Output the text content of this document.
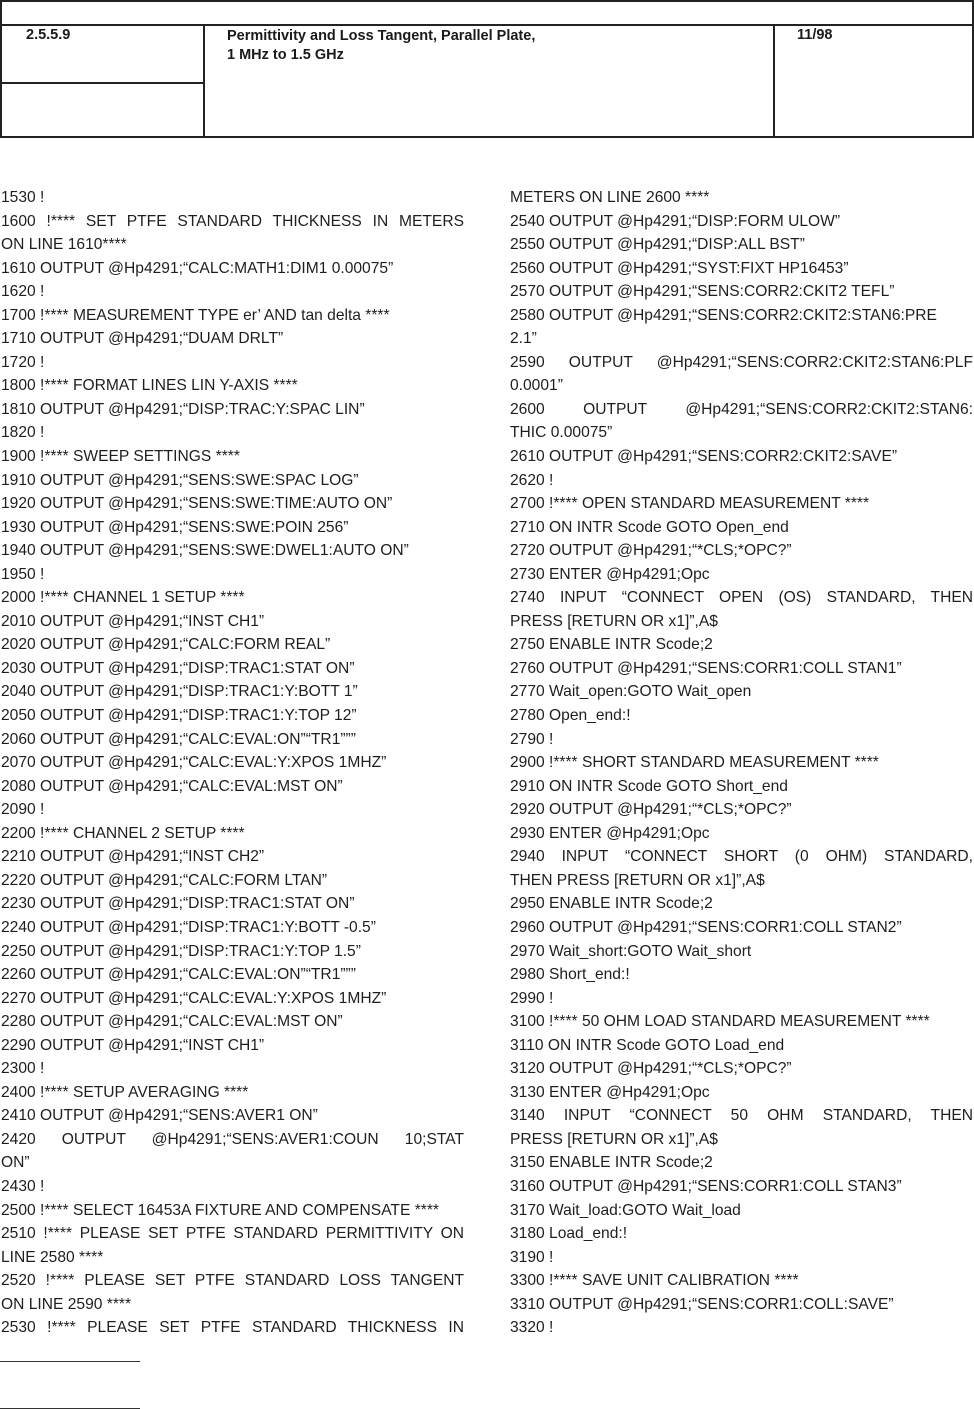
2.5.5.9	Permittivity and Loss Tangent, Parallel Plate,
1 MHz to 1.5 GHz
11/98
1530 !
1600 !**** SET PTFE STANDARD THICKNESS IN METERS
ON LINE 1610****
1610 OUTPUT @Hp4291;“CALC:MATH1:DIM1 0.00075”
1620 !
1700 !**** MEASUREMENT TYPE er’ AND tan delta ****
1710 OUTPUT @Hp4291;“DUAM DRLT”
1720 !
1800 !**** FORMAT LINES LIN Y-AXIS ****
1810 OUTPUT @Hp4291;“DISP:TRAC:Y:SPAC LIN”
1820 !
1900 !**** SWEEP SETTINGS ****
1910 OUTPUT @Hp4291;“SENS:SWE:SPAC LOG”
1920 OUTPUT @Hp4291;“SENS:SWE:TIME:AUTO ON”
1930 OUTPUT @Hp4291;“SENS:SWE:POIN 256”
1940 OUTPUT @Hp4291;“SENS:SWE:DWEL1:AUTO ON”
1950 !
2000 !**** CHANNEL 1 SETUP ****
2010 OUTPUT @Hp4291;“INST CH1”
2020 OUTPUT @Hp4291;“CALC:FORM REAL”
2030 OUTPUT @Hp4291;“DISP:TRAC1:STAT ON”
2040 OUTPUT @Hp4291;“DISP:TRAC1:Y:BOTT 1”
2050 OUTPUT @Hp4291;“DISP:TRAC1:Y:TOP 12”
2060 OUTPUT @Hp4291;“CALC:EVAL:ON”“TR1”””
2070 OUTPUT @Hp4291;“CALC:EVAL:Y:XPOS 1MHZ”
2080 OUTPUT @Hp4291;“CALC:EVAL:MST ON”
2090 !
2200 !**** CHANNEL 2 SETUP ****
2210 OUTPUT @Hp4291;“INST CH2”
2220 OUTPUT @Hp4291;“CALC:FORM LTAN”
2230 OUTPUT @Hp4291;“DISP:TRAC1:STAT ON”
2240 OUTPUT @Hp4291;“DISP:TRAC1:Y:BOTT -0.5”
2250 OUTPUT @Hp4291;“DISP:TRAC1:Y:TOP 1.5”
2260 OUTPUT @Hp4291;“CALC:EVAL:ON”“TR1”””
2270 OUTPUT @Hp4291;“CALC:EVAL:Y:XPOS 1MHZ”
2280 OUTPUT @Hp4291;“CALC:EVAL:MST ON”
2290 OUTPUT @Hp4291;“INST CH1”
2300 !
2400 !**** SETUP AVERAGING ****
2410 OUTPUT @Hp4291;“SENS:AVER1 ON”
2420 OUTPUT @Hp4291;“SENS:AVER1:COUN 10;STAT
ON”
2430 !
2500 !**** SELECT 16453A FIXTURE AND COMPENSATE ****
2510 !**** PLEASE SET PTFE STANDARD PERMITTIVITY ON
LINE 2580 ****
2520 !**** PLEASE SET PTFE STANDARD LOSS TANGENT
ON LINE 2590 ****
2530 !**** PLEASE SET PTFE STANDARD THICKNESS IN
METERS ON LINE 2600 ****
2540 OUTPUT @Hp4291;“DISP:FORM ULOW”
2550 OUTPUT @Hp4291;“DISP:ALL BST”
2560 OUTPUT @Hp4291;“SYST:FIXT HP16453”
2570 OUTPUT @Hp4291;“SENS:CORR2:CKIT2 TEFL”
2580 OUTPUT @Hp4291;“SENS:CORR2:CKIT2:STAN6:PRE
2.1”
2590 OUTPUT @Hp4291;“SENS:CORR2:CKIT2:STAN6:PLF
0.0001”
2600 OUTPUT @Hp4291;“SENS:CORR2:CKIT2:STAN6:
THIC 0.00075”
2610 OUTPUT @Hp4291;“SENS:CORR2:CKIT2:SAVE”
2620 !
2700 !**** OPEN STANDARD MEASUREMENT ****
2710 ON INTR Scode GOTO Open_end
2720 OUTPUT @Hp4291;“*CLS;*OPC?”
2730 ENTER @Hp4291;Opc
2740 INPUT “CONNECT OPEN (OS) STANDARD, THEN
PRESS [RETURN OR x1]”,A$
2750 ENABLE INTR Scode;2
2760 OUTPUT @Hp4291;“SENS:CORR1:COLL STAN1”
2770 Wait_open:GOTO Wait_open
2780 Open_end:!
2790 !
2900 !**** SHORT STANDARD MEASUREMENT ****
2910 ON INTR Scode GOTO Short_end
2920 OUTPUT @Hp4291;“*CLS;*OPC?”
2930 ENTER @Hp4291;Opc
2940 INPUT “CONNECT SHORT (0 OHM) STANDARD,
THEN PRESS [RETURN OR x1]”,A$
2950 ENABLE INTR Scode;2
2960 OUTPUT @Hp4291;“SENS:CORR1:COLL STAN2”
2970 Wait_short:GOTO Wait_short
2980 Short_end:!
2990 !
3100 !**** 50 OHM LOAD STANDARD MEASUREMENT ****
3110 ON INTR Scode GOTO Load_end
3120 OUTPUT @Hp4291;“*CLS;*OPC?”
3130 ENTER @Hp4291;Opc
3140 INPUT “CONNECT 50 OHM STANDARD, THEN
PRESS [RETURN OR x1]”,A$
3150 ENABLE INTR Scode;2
3160 OUTPUT @Hp4291;“SENS:CORR1:COLL STAN3”
3170 Wait_load:GOTO Wait_load
3180 Load_end:!
3190 !
3300 !**** SAVE UNIT CALIBRATION ****
3310 OUTPUT @Hp4291;“SENS:CORR1:COLL:SAVE”
3320 !
